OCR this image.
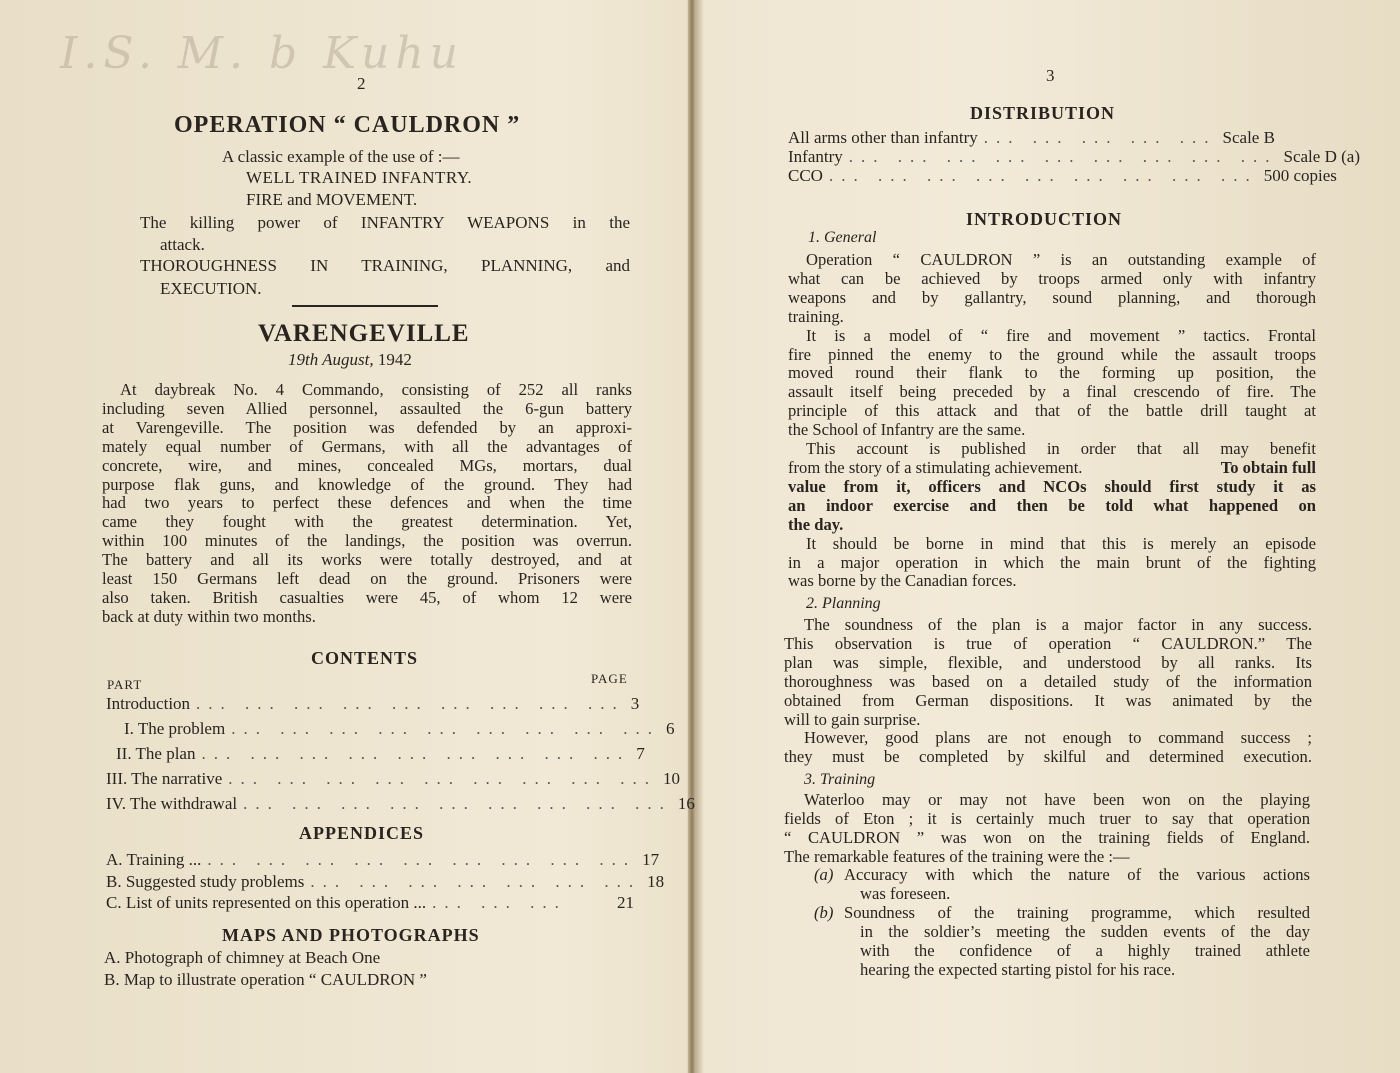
I.S. M. b Kuhu
2
OPERATION “ CAULDRON ”
A classic example of the use of :—
WELL TRAINED INFANTRY.
FIRE and MOVEMENT.
The killing power of INFANTRY WEAPONS in the
attack.
THOROUGHNESS IN TRAINING, PLANNING, and
EXECUTION.
VARENGEVILLE
19th August, 1942
At daybreak No. 4 Commando, consisting of 252 all ranks
including seven Allied personnel, assaulted the 6-gun battery
at Varengeville. The position was defended by an approxi-
mately equal number of Germans, with all the advantages of
concrete, wire, and mines, concealed MGs, mortars, dual
purpose flak guns, and knowledge of the ground. They had
had two years to perfect these defences and when the time
came they fought with the greatest determination. Yet,
within 100 minutes of the landings, the position was overrun.
The battery and all its works were totally destroyed, and at
least 150 Germans left dead on the ground. Prisoners were
also taken. British casualties were 45, of whom 12 were
back at duty within two months.
CONTENTS
PART	PAGE
Introduction ... ... ... ... ... ... ... ... ... 3
I. The problem ... ... ... ... ... ... ... ... ... 6
II. The plan ... ... ... ... ... ... ... ... ... 7
III. The narrative ... ... ... ... ... ... ... ... ... 10
IV. The withdrawal ... ... ... ... ... ... ... ... ... 16
APPENDICES
A. Training ... ... ... ... ... ... ... ... ... ... 17
B. Suggested study problems ... ... ... ... ... ... ... 18
C. List of units represented on this operation ... ... ... ...	21
MAPS AND PHOTOGRAPHS
A. Photograph of chimney at Beach One
B. Map to illustrate operation “ CAULDRON ”
3
DISTRIBUTION
All arms other than infantry ... ... ... ... ... Scale B
Infantry ... ... ... ... ... ... ... ... ... Scale D (a)
CCO ... ... ... ... ... ... ... ... ... 500 copies
INTRODUCTION
1. General
Operation “ CAULDRON ” is an outstanding example of
what can be achieved by troops armed only with infantry
weapons and by gallantry, sound planning, and thorough
training.
It is a model of “ fire and movement ” tactics. Frontal
fire pinned the enemy to the ground while the assault troops
moved round their flank to the forming up position, the
assault itself being preceded by a final crescendo of fire. The
principle of this attack and that of the battle drill taught at
the School of Infantry are the same.
This account is published in order that all may benefit
from the story of a stimulating achievement.	To obtain full
value from it, officers and NCOs should first study it as
an indoor exercise and then be told what happened on
the day.
It should be borne in mind that this is merely an episode
in a major operation in which the main brunt of the fighting
was borne by the Canadian forces.
2. Planning
The soundness of the plan is a major factor in any success.
This observation is true of operation “ CAULDRON.” The
plan was simple, flexible, and understood by all ranks. Its
thoroughness was based on a detailed study of the information
obtained from German dispositions. It was animated by the
will to gain surprise.
However, good plans are not enough to command success ;
they must be completed by skilful and determined execution.
3. Training
Waterloo may or may not have been won on the playing
fields of Eton ; it is certainly much truer to say that operation
“ CAULDRON ” was won on the training fields of England.
The remarkable features of the training were the :—
(a) Accuracy with which the nature of the various actions
was foreseen.
(b) Soundness of the training programme, which resulted
in the soldier’s meeting the sudden events of the day
with the confidence of a highly trained athlete
hearing the expected starting pistol for his race.
